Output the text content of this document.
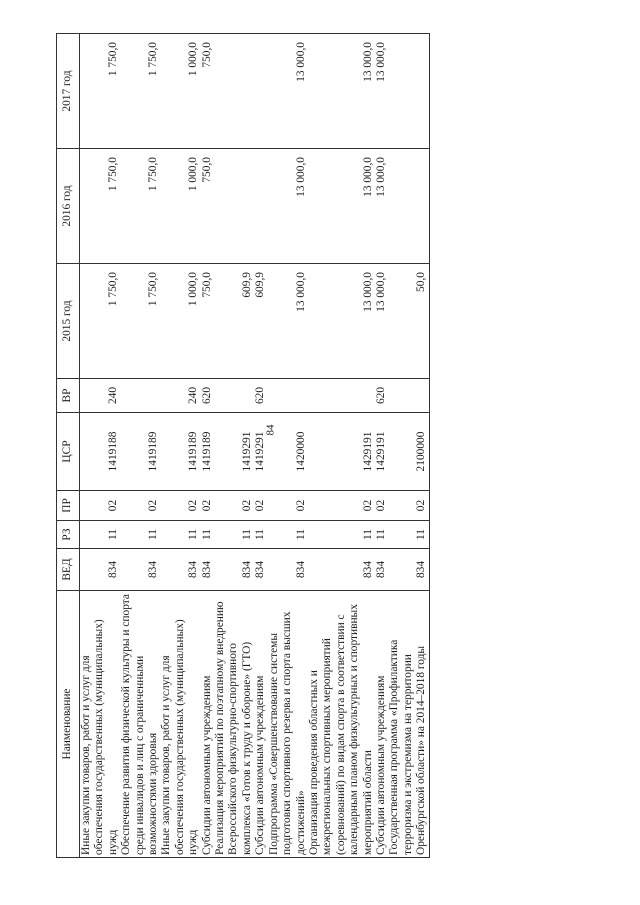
84
Наименование	ВЕД	РЗ	ПР	ЦСР	ВР	2015 год	2016 год	2017 год
Иные закупки товаров, работ и услуг для обеспечения государственных (муниципальных) нужд	834	11	02	1419188	240	1 750,0	1 750,0	1 750,0
Обеспечение развития физической культуры и спорта среди инвалидов и лиц с ограниченными возможностями здоровья	834	11	02	1419189		1 750,0	1 750,0	1 750,0
Иные закупки товаров, работ и услуг для обеспечения государственных (муниципальных) нужд	834	11	02	1419189	240	1 000,0	1 000,0	1 000,0
Субсидии автономным учреждениям	834	11	02	1419189	620	750,0	750,0	750,0
Реализация мероприятий по поэтапному внедрению Всероссийского физкультурно-спортивного комплекса «Готов к труду и обороне» (ГТО)	834	11	02	1419291		609,9		
Субсидии автономным учреждениям	834	11	02	1419291	620	609,9		
Подпрограмма «Совершенствование системы подготовки спортивного резерва и спорта высших достижений»	834	11	02	1420000		13 000,0	13 000,0	13 000,0
Организация проведения областных и межрегиональных спортивных мероприятий (соревнований) по видам спорта в соответствии с календарным планом физкультурных и спортивных мероприятий области	834	11	02	1429191		13 000,0	13 000,0	13 000,0
Субсидии автономным учреждениям	834	11	02	1429191	620	13 000,0	13 000,0	13 000,0
Государственная программа «Профилактика терроризма и экстремизма на территории Оренбургской области» на 2014–2018 годы	834	11	02	2100000		50,0		
